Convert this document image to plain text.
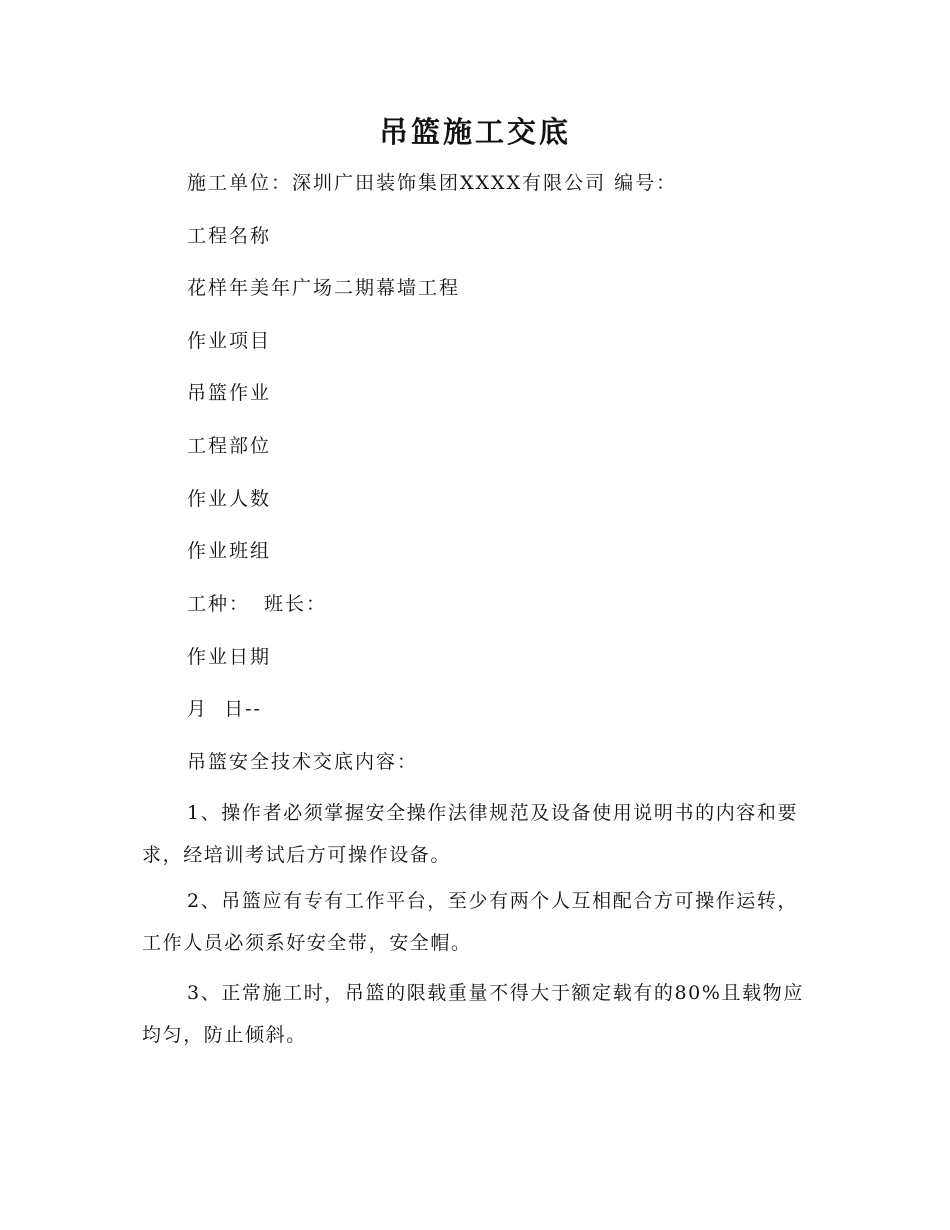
吊篮施工交底
施工单位：深圳广田装饰集团XXXX有限公司 编号：
工程名称
花样年美年广场二期幕墙工程
作业项目
吊篮作业
工程部位
作业人数
作业班组
工种： 班长：
作业日期
月  日--
吊篮安全技术交底内容：
1、操作者必须掌握安全操作法律规范及设备使用说明书的内容和要求，经培训考试后方可操作设备。
2、吊篮应有专有工作平台，至少有两个人互相配合方可操作运转，工作人员必须系好安全带，安全帽。
3、正常施工时，吊篮的限载重量不得大于额定载有的80%且载物应均匀，防止倾斜。
